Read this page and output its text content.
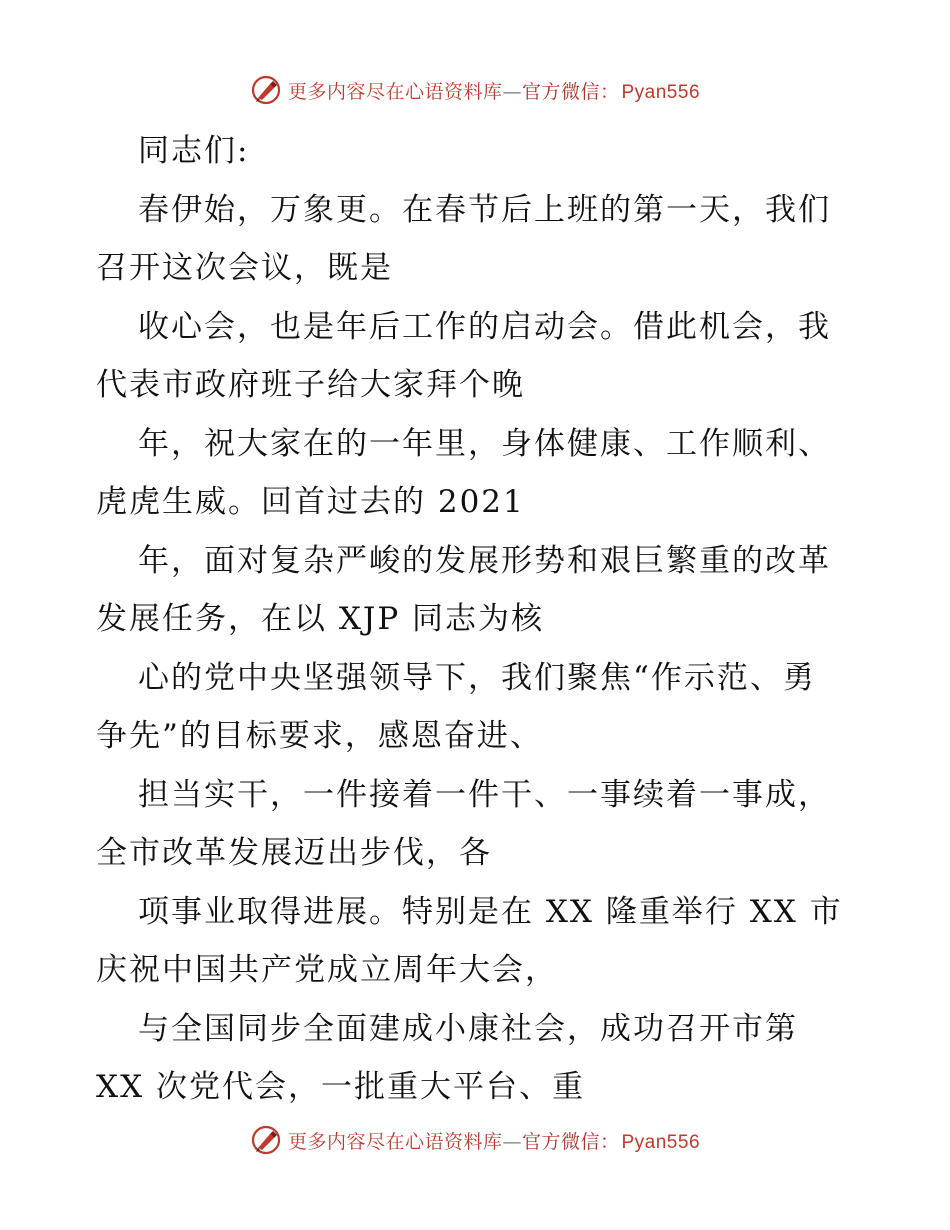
更多内容尽在心语资料库—官方微信： Pyan556
同志们:
春伊始，万象更。在春节后上班的第一天，我们
召开这次会议，既是
收心会，也是年后工作的启动会。借此机会，我
代表市政府班子给大家拜个晚
年，祝大家在的一年里，身体健康、工作顺利、
虎虎生威。回首过去的 2021
年，面对复杂严峻的发展形势和艰巨繁重的改革
发展任务，在以 XJP 同志为核
心的党中央坚强领导下，我们聚焦“作示范、勇
争先”的目标要求，感恩奋进、
担当实干，一件接着一件干、一事续着一事成，
全市改革发展迈出步伐，各
项事业取得进展。特别是在 XX 隆重举行 XX 市
庆祝中国共产党成立周年大会，
与全国同步全面建成小康社会，成功召开市第
XX 次党代会，一批重大平台、重
更多内容尽在心语资料库—官方微信： Pyan556
